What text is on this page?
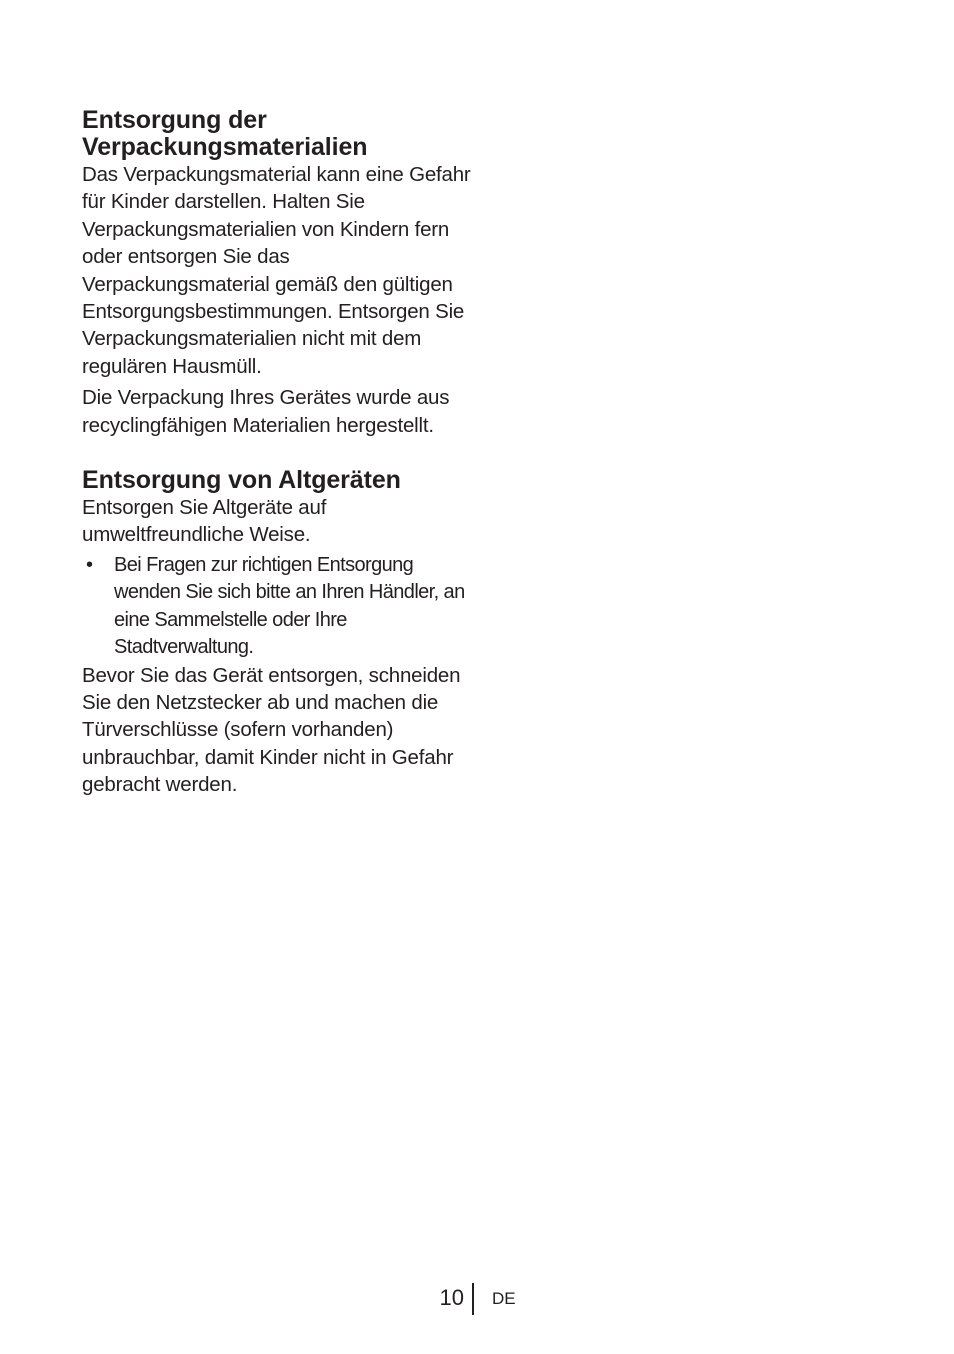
Entsorgung der
Verpackungsmaterialien

Das Verpackungsmaterial kann eine Gefahr für Kinder darstellen. Halten Sie Verpackungsmaterialien von Kindern fern oder entsorgen Sie das Verpackungsmaterial gemäß den gültigen Entsorgungsbestimmungen. Entsorgen Sie Verpackungsmaterialien nicht mit dem regulären Hausmüll.

Die Verpackung Ihres Gerätes wurde aus recyclingfähigen Materialien hergestellt.

Entsorgung von Altgeräten

Entsorgen Sie Altgeräte auf umweltfreundliche Weise.

• Bei Fragen zur richtigen Entsorgung wenden Sie sich bitte an Ihren Händler, an eine Sammelstelle oder Ihre Stadtverwaltung.

Bevor Sie das Gerät entsorgen, schneiden Sie den Netzstecker ab und machen die Türverschlüsse (sofern vorhanden) unbrauchbar, damit Kinder nicht in Gefahr gebracht werden.

10 DE
